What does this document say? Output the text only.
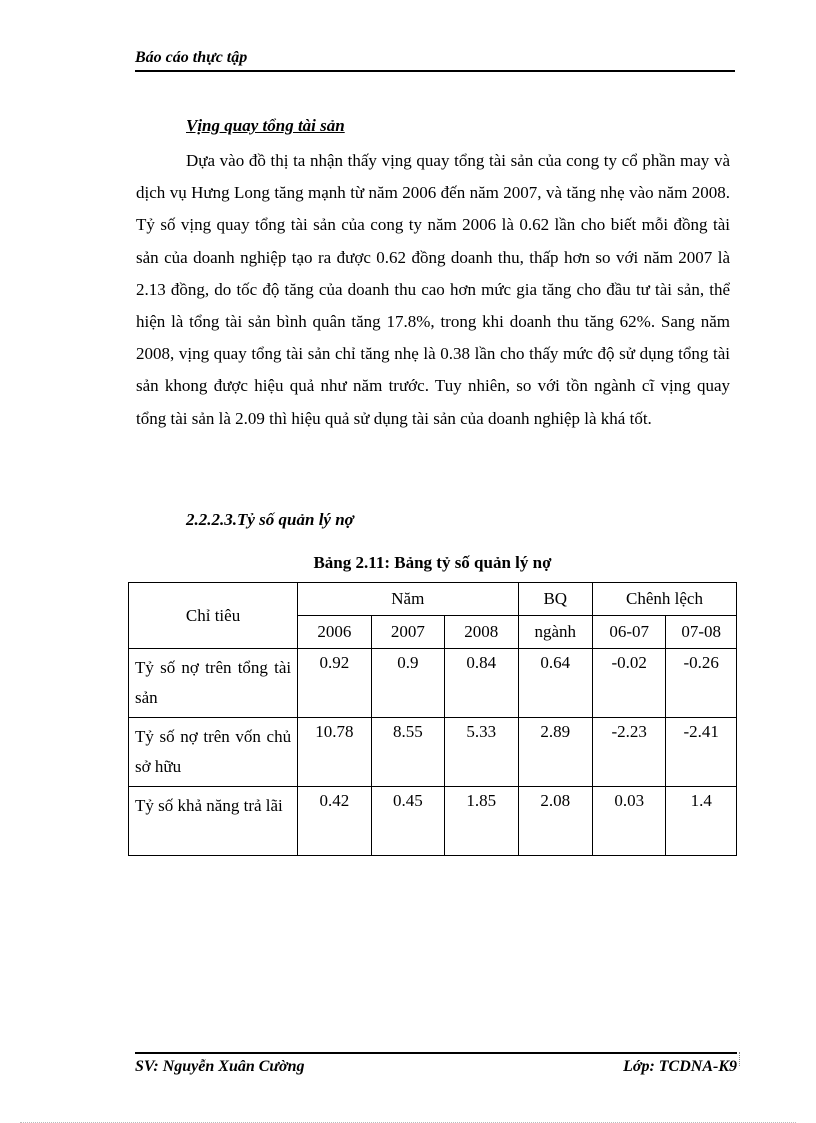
Báo cáo thực tập
Vịng quay tổng tài sản

Dựa vào đồ thị ta nhận thấy vịng quay tổng tài sản của cong ty cổ phần may và dịch vụ Hưng Long tăng mạnh từ năm 2006 đến năm 2007, và tăng nhẹ vào năm 2008. Tỷ số vịng quay tổng tài sản của cong ty năm 2006 là 0.62 lần cho biết mỗi đồng tài sản của doanh nghiệp tạo ra được 0.62 đồng doanh thu, thấp hơn so với năm 2007 là 2.13 đồng, do tốc độ tăng của doanh thu cao hơn mức gia tăng cho đầu tư tài sản, thể hiện là tổng tài sản bình quân tăng 17.8%, trong khi doanh thu tăng 62%. Sang năm 2008, vịng quay tổng tài sản chỉ tăng nhẹ là 0.38 lần cho thấy mức độ sử dụng tổng tài sản khong được hiệu quả như năm trước. Tuy nhiên, so với tồn ngành cĩ vịng quay tổng tài sản là 2.09 thì hiệu quả sử dụng tài sản của doanh nghiệp là khá tốt.

2.2.2.3.Tỷ số quản lý nợ
Bảng 2.11: Bảng tỷ số quản lý nợ
Chỉ tiêu	Năm			BQ	Chênh lệch	
	2006	2007	2008	ngành	06-07	07-08
Tỷ số nợ trên tổng tài sản	0.92	0.9	0.84	0.64	-0.02	-0.26
Tỷ số nợ trên vốn chủ sở hữu	10.78	8.55	5.33	2.89	-2.23	-2.41
Tỷ số khả năng trả lãi	0.42	0.45	1.85	2.08	0.03	1.4
SV: Nguyễn Xuân Cường	Lớp: TCDNA-K9
